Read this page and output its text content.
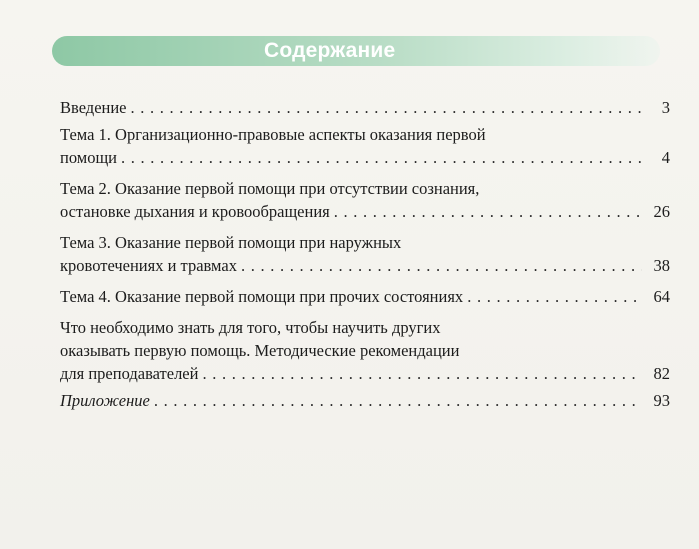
Содержание
Введение . . .	3
Тема 1. Организационно-правовые аспекты оказания первой
помощи . . .	4
Тема 2. Оказание первой помощи при отсутствии сознания,
остановке дыхания и кровообращения . . .	26
Тема 3. Оказание первой помощи при наружных
кровотечениях и травмах . . .	38
Тема 4. Оказание первой помощи при прочих состояниях . . .	64
Что необходимо знать для того, чтобы научить других
оказывать первую помощь. Методические рекомендации
для преподавателей . . .	82
Приложение . . .	93
